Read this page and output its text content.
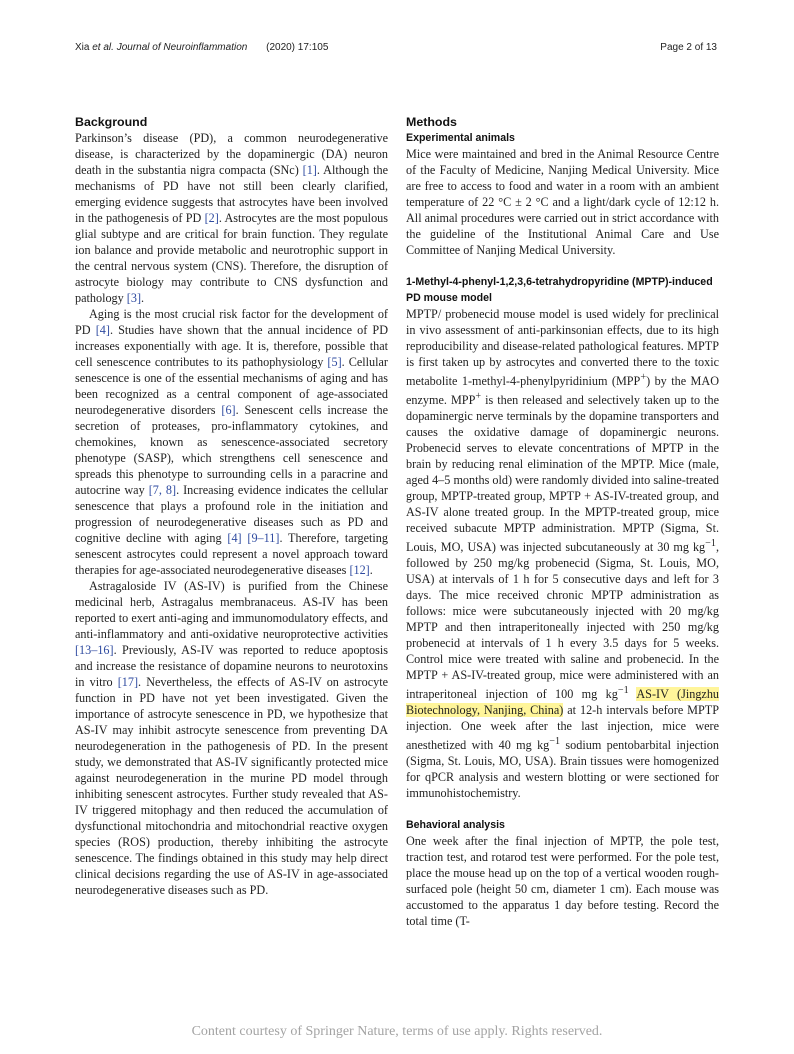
Xia et al. Journal of Neuroinflammation (2020) 17:105	Page 2 of 13
Background

Parkinson’s disease (PD), a common neurodegenerative disease, is characterized by the dopaminergic (DA) neuron death in the substantia nigra compacta (SNc) [1]. Although the mechanisms of PD have not still been clearly clarified, emerging evidence suggests that astrocytes have been involved in the pathogenesis of PD [2]. Astrocytes are the most populous glial subtype and are critical for brain function. They regulate ion balance and provide metabolic and neurotrophic support in the central nervous system (CNS). Therefore, the disruption of astrocyte biology may contribute to CNS dysfunction and pathology [3].

Aging is the most crucial risk factor for the development of PD [4]. Studies have shown that the annual incidence of PD increases exponentially with age. It is, therefore, possible that cell senescence contributes to its pathophysiology [5]. Cellular senescence is one of the essential mechanisms of aging and has been recognized as a central component of age-associated neurodegenerative disorders [6]. Senescent cells increase the secretion of proteases, pro-inflammatory cytokines, and chemokines, known as senescence-associated secretory phenotype (SASP), which strengthens cell senescence and spreads this phenotype to surrounding cells in a paracrine and autocrine way [7, 8]. Increasing evidence indicates the cellular senescence that plays a profound role in the initiation and progression of neurodegenerative diseases such as PD and cognitive decline with aging [4] [9–11]. Therefore, targeting senescent astrocytes could represent a novel approach toward therapies for age-associated neurodegenerative diseases [12].

Astragaloside IV (AS-IV) is purified from the Chinese medicinal herb, Astragalus membranaceus. AS-IV has been reported to exert anti-aging and immunomodulatory effects, and anti-inflammatory and anti-oxidative neuroprotective activities [13–16]. Previously, AS-IV was reported to reduce apoptosis and increase the resistance of dopamine neurons to neurotoxins in vitro [17]. Nevertheless, the effects of AS-IV on astrocyte function in PD have not yet been investigated. Given the importance of astrocyte senescence in PD, we hypothesize that AS-IV may inhibit astrocyte senescence from preventing DA neurodegeneration in the pathogenesis of PD. In the present study, we demonstrated that AS-IV significantly protected mice against neurodegeneration in the murine PD model through inhibiting senescent astrocytes. Further study revealed that AS-IV triggered mitophagy and then reduced the accumulation of dysfunctional mitochondria and mitochondrial reactive oxygen species (ROS) production, thereby inhibiting the astrocyte senescence. The findings obtained in this study may help direct clinical decisions regarding the use of AS-IV in age-associated neurodegenerative diseases such as PD.

Methods
Experimental animals

Mice were maintained and bred in the Animal Resource Centre of the Faculty of Medicine, Nanjing Medical University. Mice are free to access to food and water in a room with an ambient temperature of 22 °C ± 2 °C and a light/dark cycle of 12:12 h. All animal procedures were carried out in strict accordance with the guideline of the Institutional Animal Care and Use Committee of Nanjing Medical University.

1-Methyl-4-phenyl-1,2,3,6-tetrahydropyridine (MPTP)-induced PD mouse model

MPTP/ probenecid mouse model is used widely for preclinical in vivo assessment of anti-parkinsonian effects, due to its high reproducibility and disease-related pathological features. MPTP is first taken up by astrocytes and converted there to the toxic metabolite 1-methyl-4-phenylpyridinium (MPP+) by the MAO enzyme. MPP+ is then released and selectively taken up to the dopaminergic nerve terminals by the dopamine transporters and causes the oxidative damage of dopaminergic neurons. Probenecid serves to elevate concentrations of MPTP in the brain by reducing renal elimination of the MPTP. Mice (male, aged 4–5 months old) were randomly divided into saline-treated group, MPTP-treated group, MPTP + AS-IV-treated group, and AS-IV alone treated group. In the MPTP-treated group, mice received subacute MPTP administration. MPTP (Sigma, St. Louis, MO, USA) was injected subcutaneously at 30 mg $kg^{-1}$, followed by 250 mg/kg probenecid (Sigma, St. Louis, MO, USA) at intervals of 1 h for 5 consecutive days and left for 3 days. The mice received chronic MPTP administration as follows: mice were subcutaneously injected with 20 mg/kg MPTP and then intraperitoneally injected with 250 mg/kg probenecid at intervals of 1 h every 3.5 days for 5 weeks. Control mice were treated with saline and probenecid. In the MPTP + AS-IV-treated group, mice were administered with an intraperitoneal injection of 100 mg $kg^{-1}$ AS-IV (Jingzhu Biotechnology, Nanjing, China) at 12-h intervals before MPTP injection. One week after the last injection, mice were anesthetized with 40 mg $kg^{-1}$ sodium pentobarbital injection (Sigma, St. Louis, MO, USA). Brain tissues were homogenized for qPCR analysis and western blotting or were sectioned for immunohistochemistry.

Behavioral analysis

One week after the final injection of MPTP, the pole test, traction test, and rotarod test were performed. For the pole test, place the mouse head up on the top of a vertical wooden rough-surfaced pole (height 50 cm, diameter 1 cm). Each mouse was accustomed to the apparatus 1 day before testing. Record the total time (T-

Content courtesy of Springer Nature, terms of use apply. Rights reserved.
